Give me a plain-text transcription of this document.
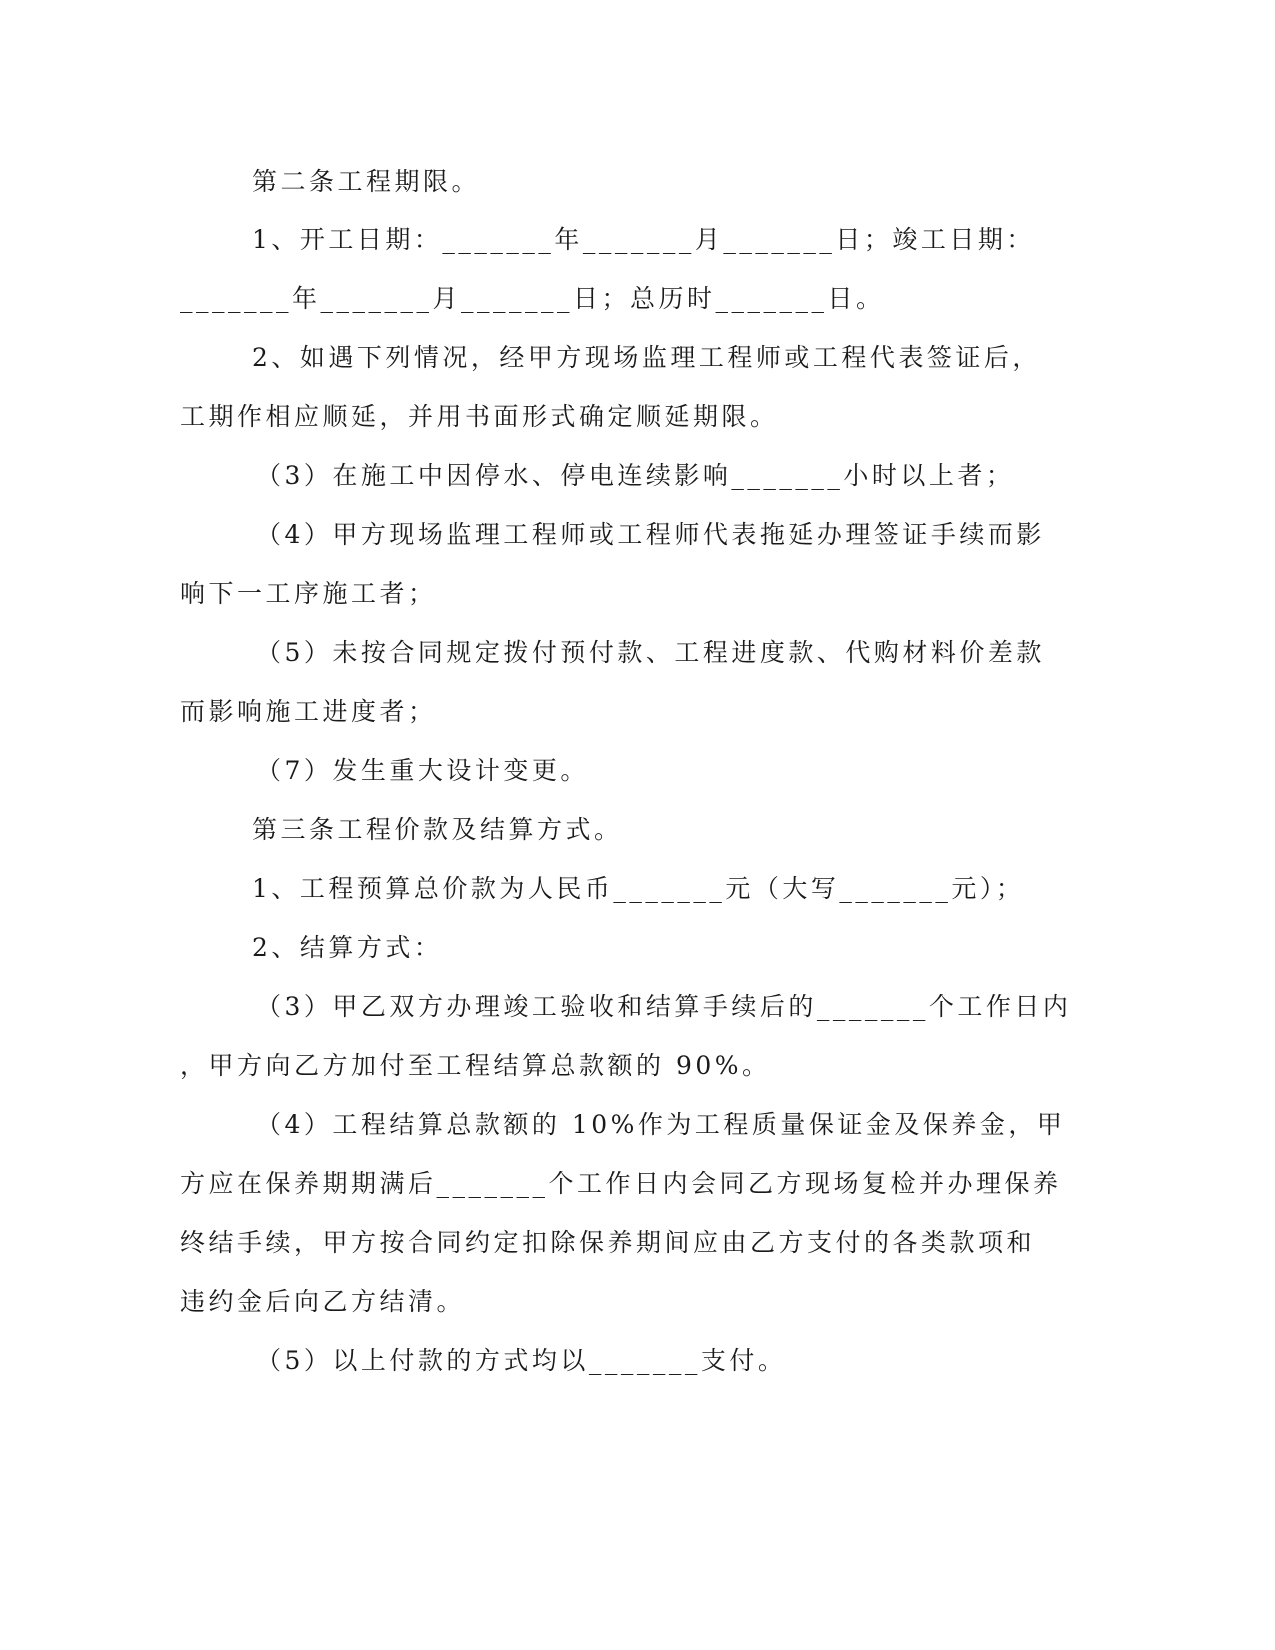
第二条工程期限。
1、开工日期：_______年_______月_______日；竣工日期：
_______年_______月_______日；总历时_______日。
2、如遇下列情况，经甲方现场监理工程师或工程代表签证后，
工期作相应顺延，并用书面形式确定顺延期限。
（3）在施工中因停水、停电连续影响_______小时以上者；
（4）甲方现场监理工程师或工程师代表拖延办理签证手续而影
响下一工序施工者；
（5）未按合同规定拨付预付款、工程进度款、代购材料价差款
而影响施工进度者；
（7）发生重大设计变更。
第三条工程价款及结算方式。
1、工程预算总价款为人民币_______元（大写_______元）；
2、结算方式：
（3）甲乙双方办理竣工验收和结算手续后的_______个工作日内
，甲方向乙方加付至工程结算总款额的 90%。
（4）工程结算总款额的 10%作为工程质量保证金及保养金，甲
方应在保养期期满后_______个工作日内会同乙方现场复检并办理保养
终结手续，甲方按合同约定扣除保养期间应由乙方支付的各类款项和
违约金后向乙方结清。
（5）以上付款的方式均以_______支付。
